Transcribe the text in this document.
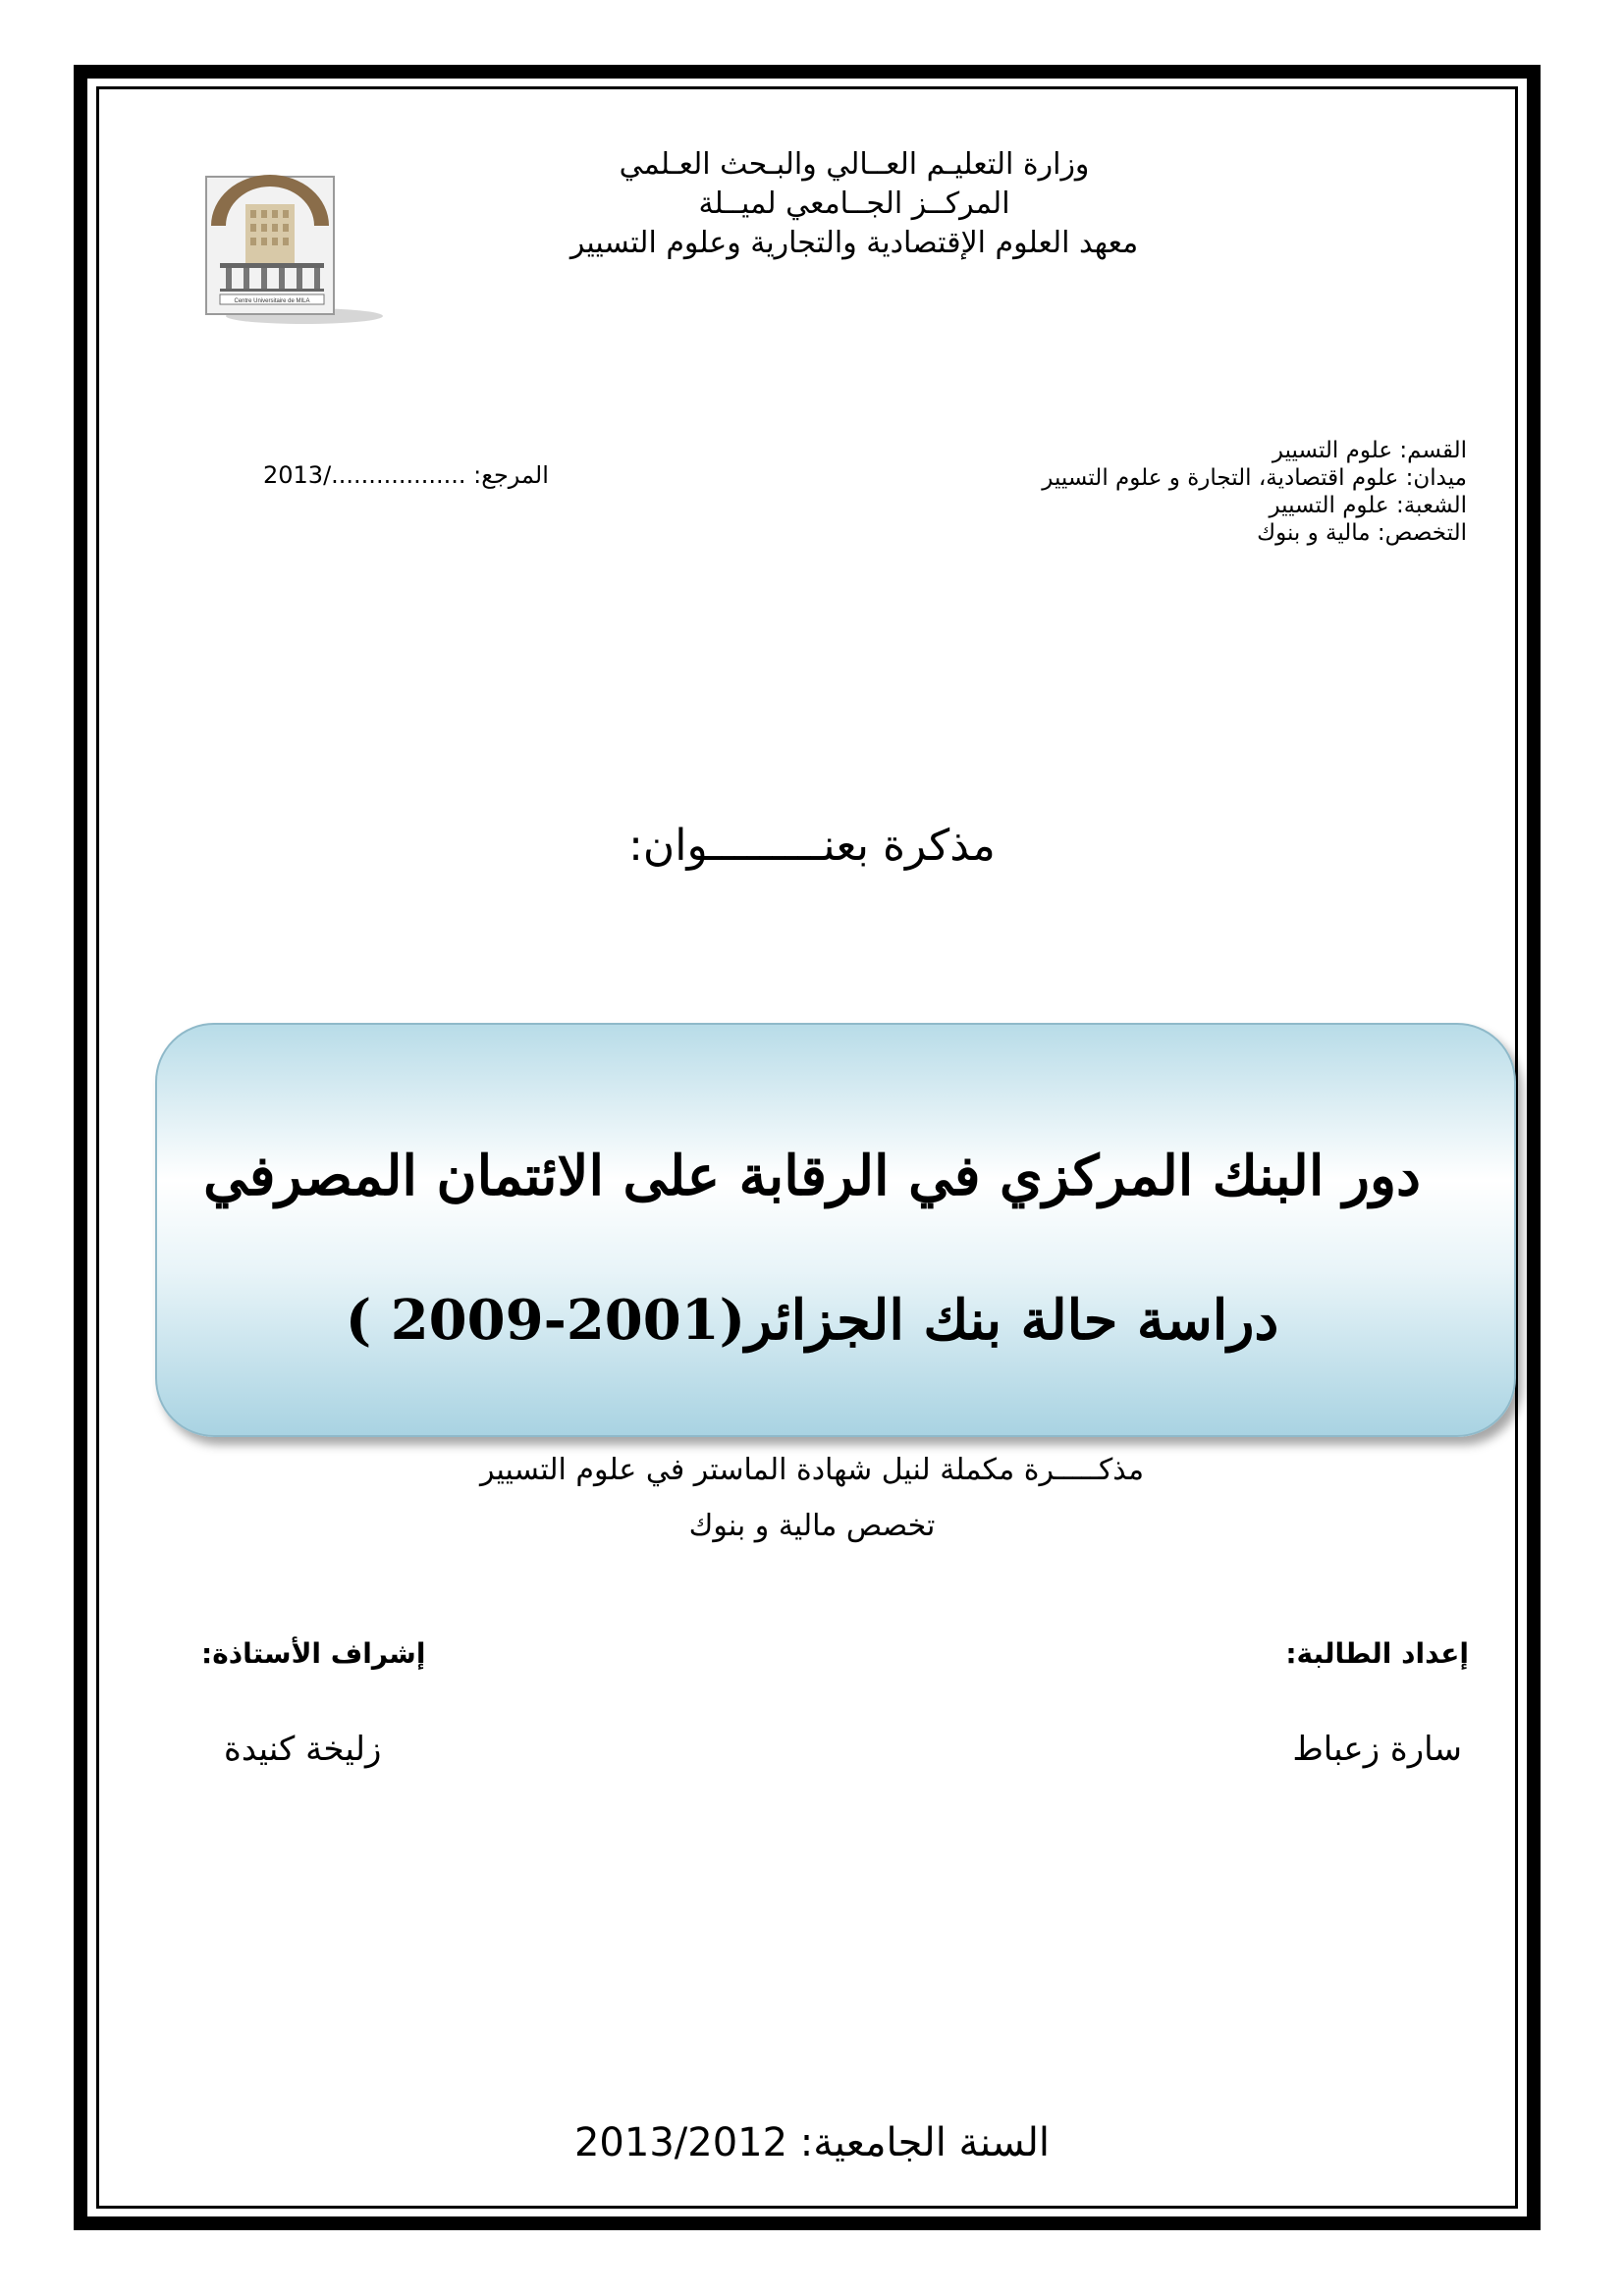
Centre Universitaire de MILA
وزارة التعليـم العــالي والبـحث العـلمي
المركــز الجــامعي لميــلة
معهد العلوم الإقتصادية والتجارية وعلوم التسيير
القسم: علوم التسيير
ميدان: علوم اقتصادية، التجارة و علوم التسيير
الشعبة: علوم التسيير
التخصص: مالية و بنوك
المرجع: ................../2013
مذكرة بعنـــــــــوان:
دور البنك المركزي في الرقابة على الائتمان المصرفي
دراسة حالة بنك الجزائر(2001-2009 )
مذكـــــرة مكملة لنيل شهادة الماستر في علوم التسيير
تخصص مالية و بنوك
إعداد الطالبة:
إشراف الأستاذة:
سارة زعباط
زليخة كنيدة
السنة الجامعية: 2013/2012
